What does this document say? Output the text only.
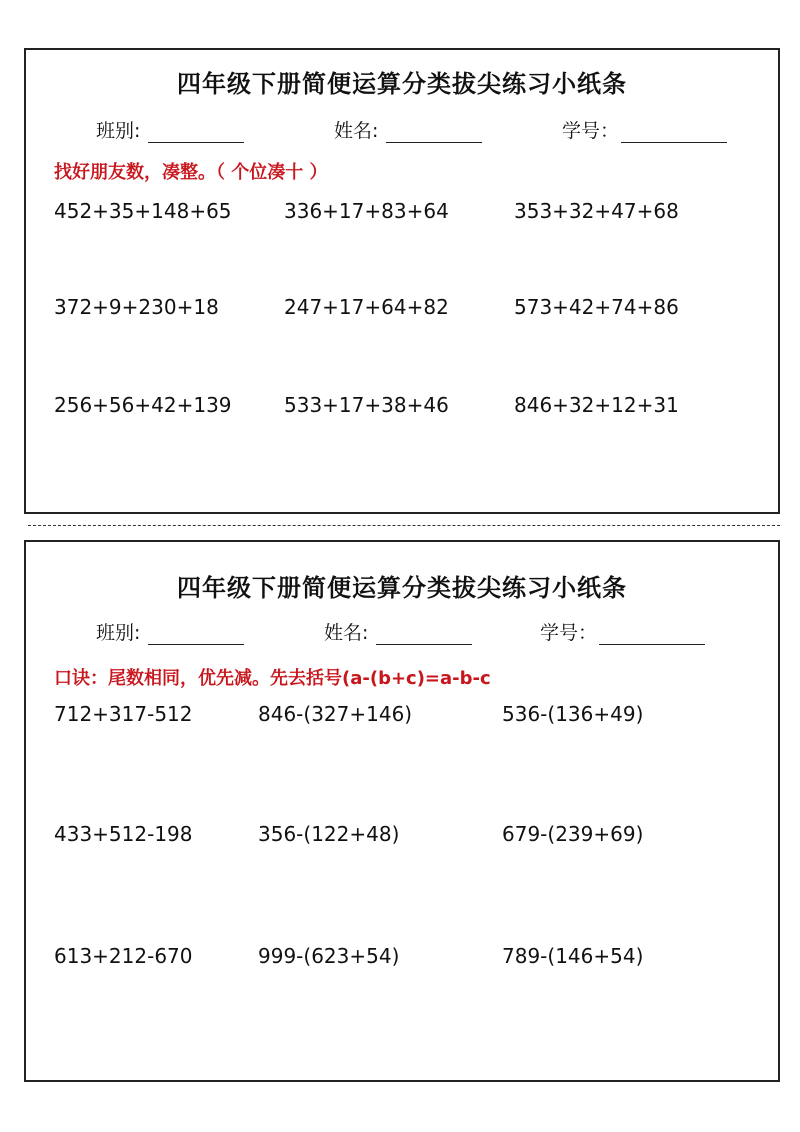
四年级下册简便运算分类拔尖练习小纸条
班别:	姓名:	学号：
找好朋友数，凑整。（ 个位凑十 ）
452+35+148+65	336+17+83+64	353+32+47+68
372+9+230+18	247+17+64+82	573+42+74+86
256+56+42+139	533+17+38+46	846+32+12+31
四年级下册简便运算分类拔尖练习小纸条
班别:	姓名:	学号：
口诀：尾数相同，优先减。先去括号(a-(b+c)=a-b-c
712+317-512	846-(327+146)	536-(136+49)
433+512-198	356-(122+48)	679-(239+69)
613+212-670	999-(623+54)	789-(146+54)
